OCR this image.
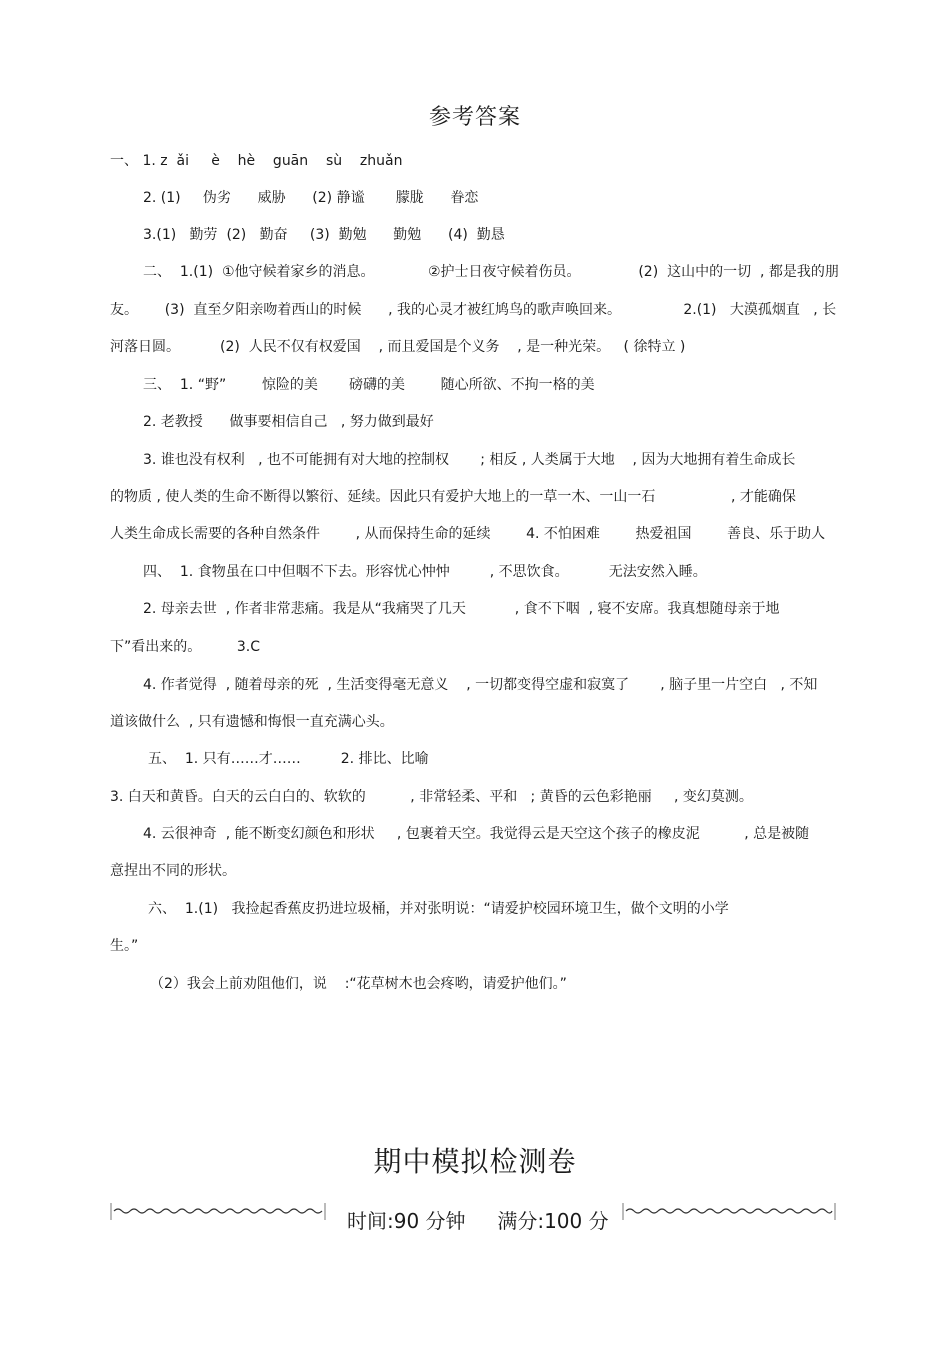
参考答案
一、 1. z  ǎi     è    hè    guān    sù    zhuǎn
2. (1)     伪劣      威胁      (2) 静谧       朦胧      眷恋
3.(1)   勤劳  (2)   勤奋     (3)  勤勉      勤勉      (4)  勤恳
二、  1.(1)  ①他守候着家乡的消息。            ②护士日夜守候着伤员。             (2)  这山中的一切  , 都是我的朋
友。      (3)  直至夕阳亲吻着西山的时候      , 我的心灵才被红鸠鸟的歌声唤回来。              2.(1)   大漠孤烟直   , 长
河落日圆。         (2)  人民不仅有权爱国    , 而且爱国是个义务    , 是一种光荣。   ( 徐特立 )
三、  1. “野”        惊险的美       磅礴的美        随心所欲、不拘一格的美
2. 老教授      做事要相信自己   , 努力做到最好
3. 谁也没有权利   , 也不可能拥有对大地的控制权       ; 相反 , 人类属于大地    , 因为大地拥有着生命成长
的物质 , 使人类的生命不断得以繁衍、延续。因此只有爱护大地上的一草一木、一山一石                 , 才能确保
人类生命成长需要的各种自然条件        , 从而保持生命的延续        4. 不怕困难        热爱祖国        善良、乐于助人
四、  1. 食物虽在口中但咽不下去。形容忧心忡忡         , 不思饮食。         无法安然入睡。
2. 母亲去世  , 作者非常悲痛。我是从“我痛哭了几天           , 食不下咽  , 寝不安席。我真想随母亲于地
下”看出来的。        3.C
4. 作者觉得  , 随着母亲的死  , 生活变得毫无意义    , 一切都变得空虚和寂寞了       , 脑子里一片空白   , 不知
道该做什么  , 只有遗憾和悔恨一直充满心头。
五、  1. 只有……才……         2. 排比、比喻
3. 白天和黄昏。白天的云白白的、软软的          , 非常轻柔、平和   ; 黄昏的云色彩艳丽     , 变幻莫测。
4. 云很神奇  , 能不断变幻颜色和形状     , 包裹着天空。我觉得云是天空这个孩子的橡皮泥          , 总是被随
意捏出不同的形状。
六、  1.(1)   我捡起香蕉皮扔进垃圾桶，并对张明说：“请爱护校园环境卫生，做个文明的小学
生。”
（2）我会上前劝阻他们，说    :“花草树木也会疼哟，请爱护他们。”
期中模拟检测卷
时间:90 分钟     满分:100 分
